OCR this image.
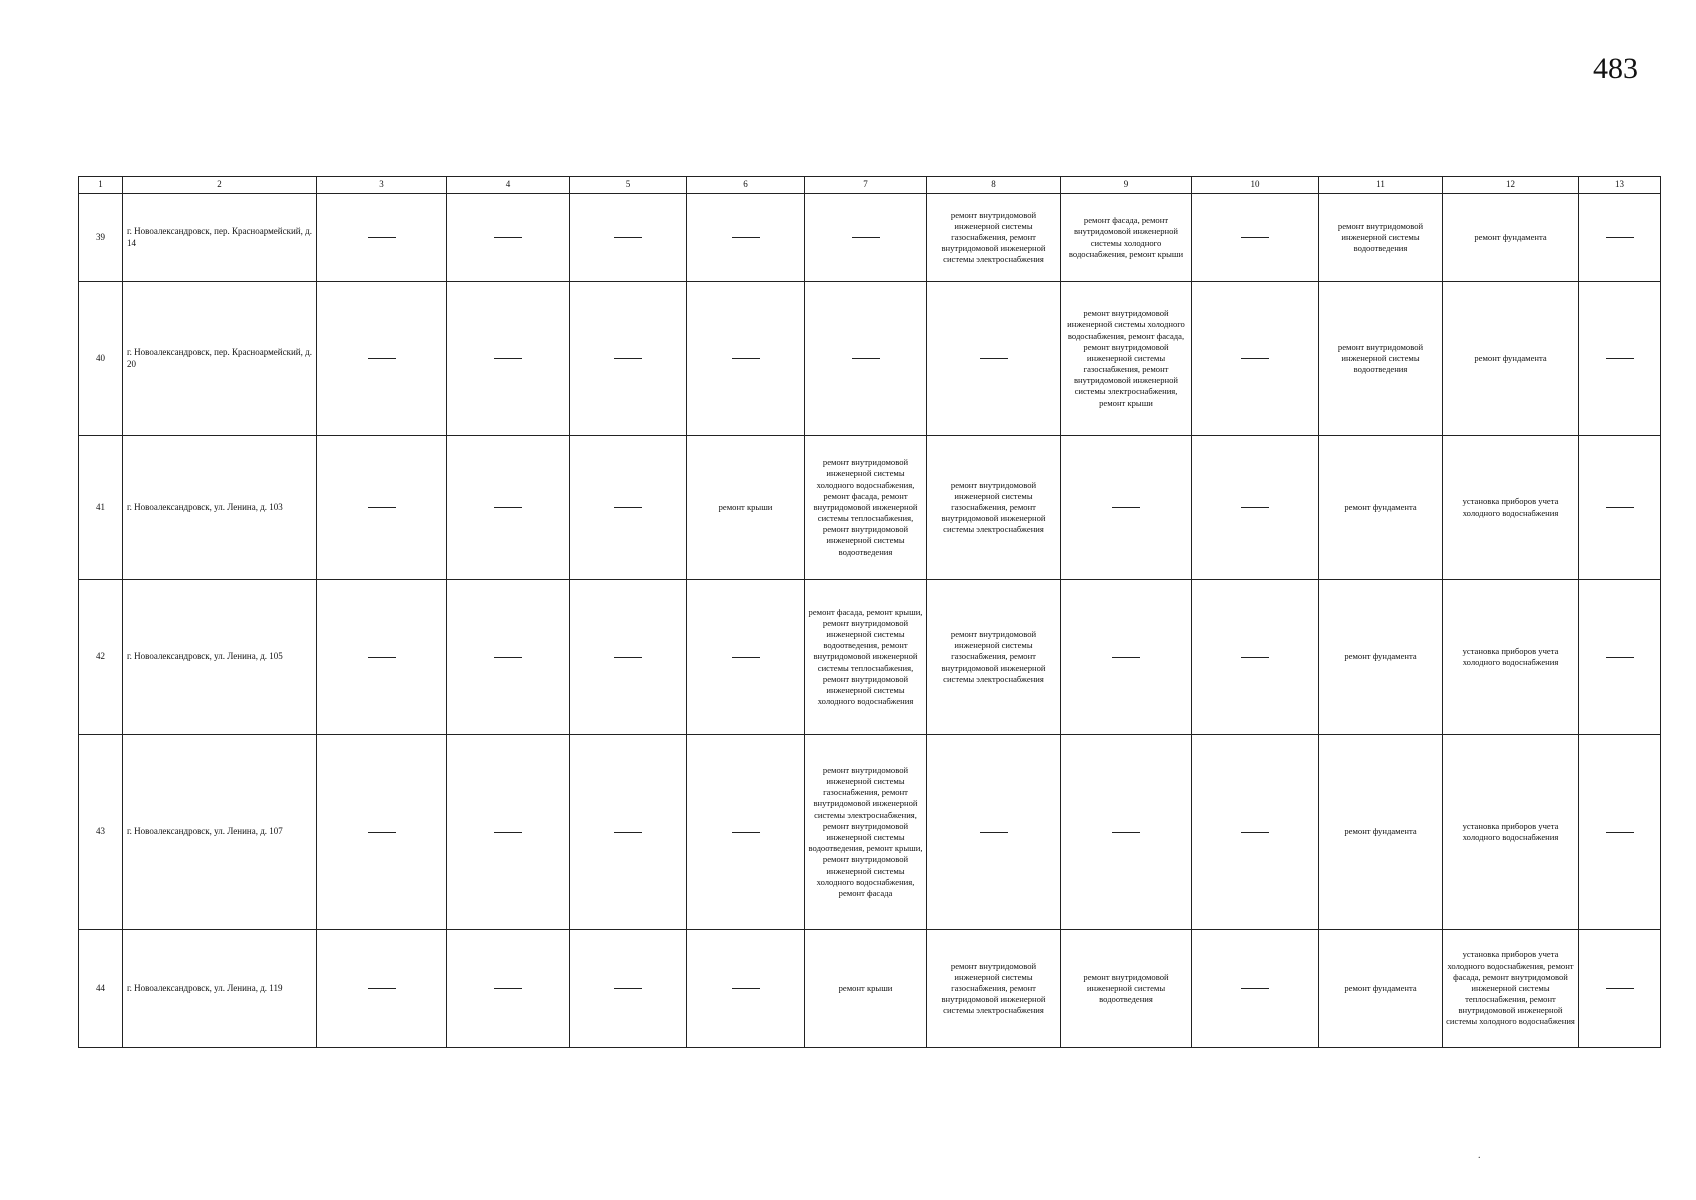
483
1	2	3	4	5	6	7	8	9	10	11	12	13
39	г. Новоалександровск, пер. Красноармейский, д. 14						ремонт внутридомовой инженерной системы газоснабжения, ремонт внутридомовой инженерной системы электроснабжения	ремонт фасада, ремонт внутридомовой инженерной системы холодного водоснабжения, ремонт крыши		ремонт внутридомовой инженерной системы водоотведения	ремонт фундамента	
40	г. Новоалександровск, пер. Красноармейский, д. 20							ремонт внутридомовой инженерной системы холодного водоснабжения, ремонт фасада, ремонт внутридомовой инженерной системы газоснабжения, ремонт внутридомовой инженерной системы электроснабжения, ремонт крыши		ремонт внутридомовой инженерной системы водоотведения	ремонт фундамента	
41	г. Новоалександровск, ул. Ленина, д. 103				ремонт крыши	ремонт внутридомовой инженерной системы холодного водоснабжения, ремонт фасада, ремонт внутридомовой инженерной системы теплоснабжения, ремонт внутридомовой инженерной системы водоотведения	ремонт внутридомовой инженерной системы газоснабжения, ремонт внутридомовой инженерной системы электроснабжения			ремонт фундамента	установка приборов учета холодного водоснабжения	
42	г. Новоалександровск, ул. Ленина, д. 105					ремонт фасада, ремонт крыши, ремонт внутридомовой инженерной системы водоотведения, ремонт внутридомовой инженерной системы теплоснабжения, ремонт внутридомовой инженерной системы холодного водоснабжения	ремонт внутридомовой инженерной системы газоснабжения, ремонт внутридомовой инженерной системы электроснабжения			ремонт фундамента	установка приборов учета холодного водоснабжения	
43	г. Новоалександровск, ул. Ленина, д. 107					ремонт внутридомовой инженерной системы газоснабжения, ремонт внутридомовой инженерной системы электроснабжения, ремонт внутридомовой инженерной системы водоотведения, ремонт крыши, ремонт внутридомовой инженерной системы холодного водоснабжения, ремонт фасада				ремонт фундамента	установка приборов учета холодного водоснабжения	
44	г. Новоалександровск, ул. Ленина, д. 119					ремонт крыши	ремонт внутридомовой инженерной системы газоснабжения, ремонт внутридомовой инженерной системы электроснабжения	ремонт внутридомовой инженерной системы водоотведения		ремонт фундамента	установка приборов учета холодного водоснабжения, ремонт фасада, ремонт внутридомовой инженерной системы теплоснабжения, ремонт внутридомовой инженерной системы холодного водоснабжения	
.
